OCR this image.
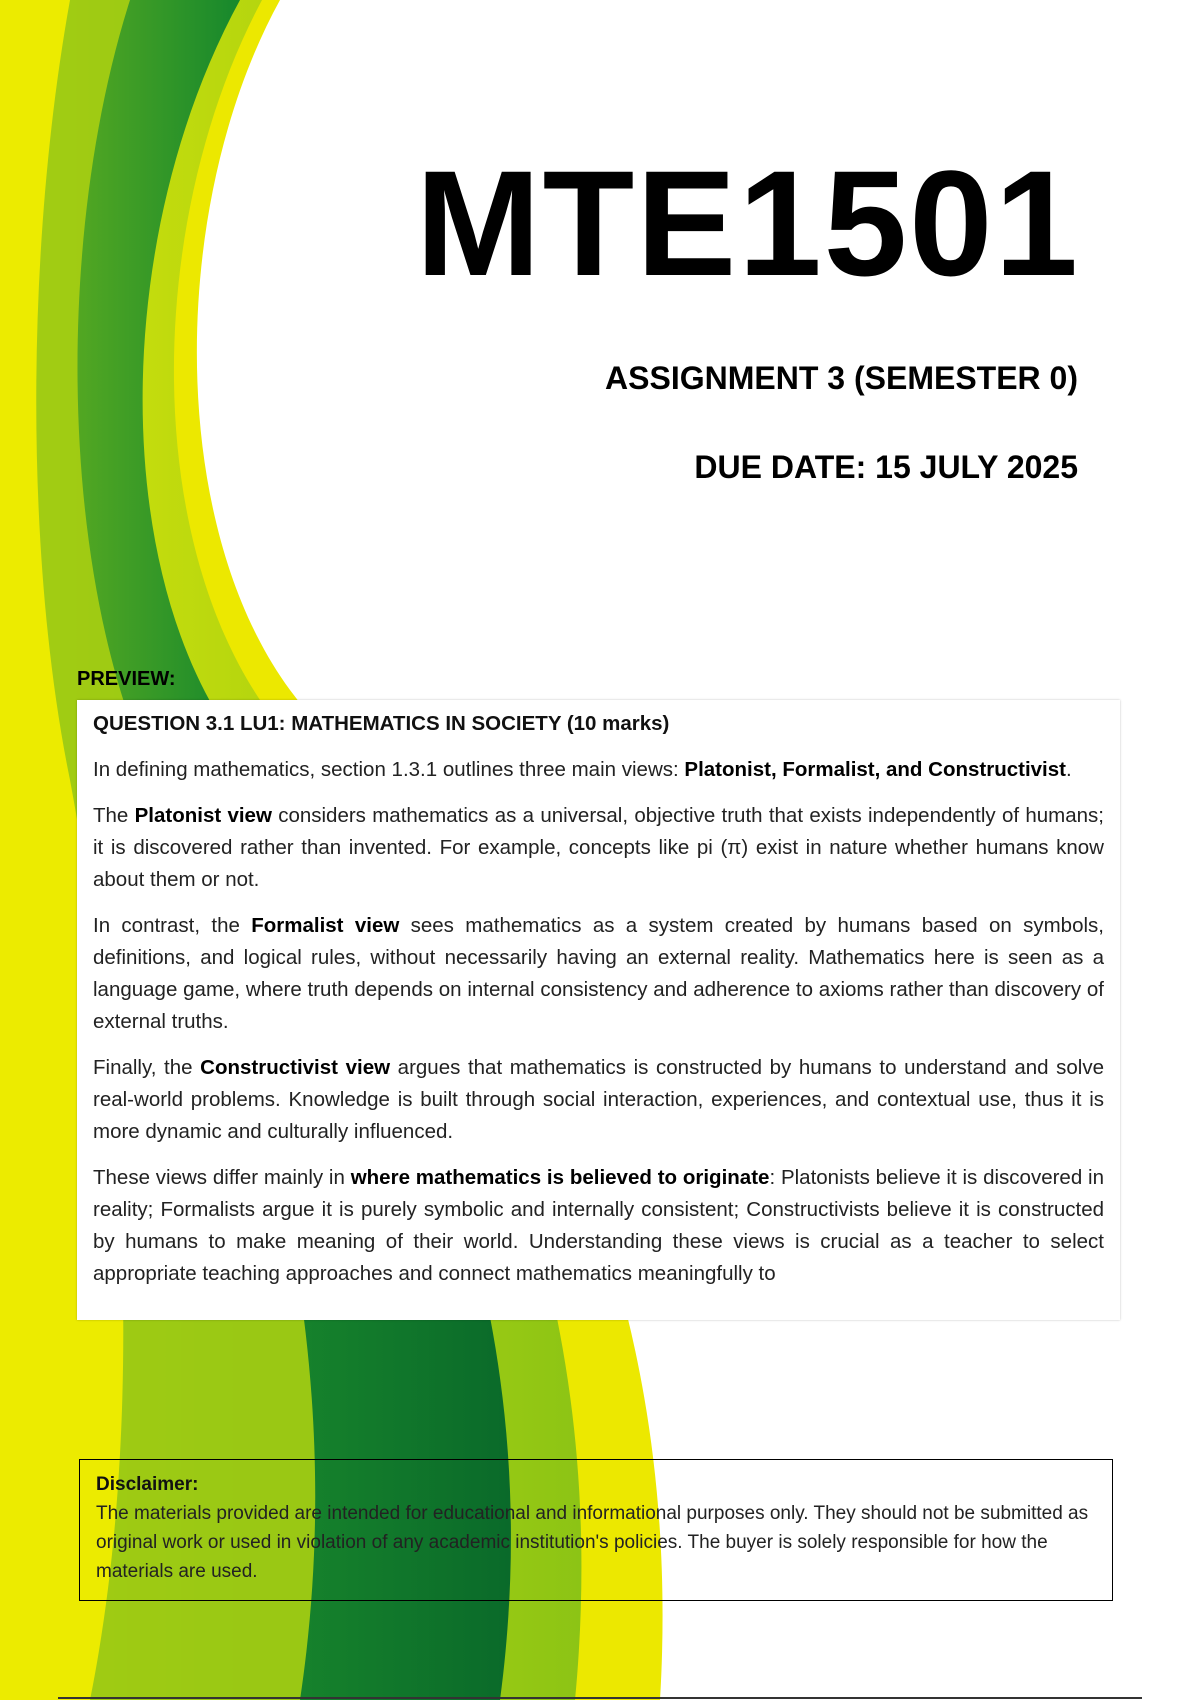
MTE1501
ASSIGNMENT 3 (SEMESTER 0)
DUE DATE: 15 JULY 2025
PREVIEW:
QUESTION 3.1 LU1: MATHEMATICS IN SOCIETY (10 marks)

In defining mathematics, section 1.3.1 outlines three main views: Platonist, Formalist, and Constructivist.

The Platonist view considers mathematics as a universal, objective truth that exists independently of humans; it is discovered rather than invented. For example, concepts like pi (π) exist in nature whether humans know about them or not.

In contrast, the Formalist view sees mathematics as a system created by humans based on symbols, definitions, and logical rules, without necessarily having an external reality. Mathematics here is seen as a language game, where truth depends on internal consistency and adherence to axioms rather than discovery of external truths.

Finally, the Constructivist view argues that mathematics is constructed by humans to understand and solve real-world problems. Knowledge is built through social interaction, experiences, and contextual use, thus it is more dynamic and culturally influenced.

These views differ mainly in where mathematics is believed to originate: Platonists believe it is discovered in reality; Formalists argue it is purely symbolic and internally consistent; Constructivists believe it is constructed by humans to make meaning of their world. Understanding these views is crucial as a teacher to select appropriate teaching approaches and connect mathematics meaningfully to

Disclaimer:

The materials provided are intended for educational and informational purposes only. They should not be submitted as original work or used in violation of any academic institution's policies. The buyer is solely responsible for how the materials are used.
